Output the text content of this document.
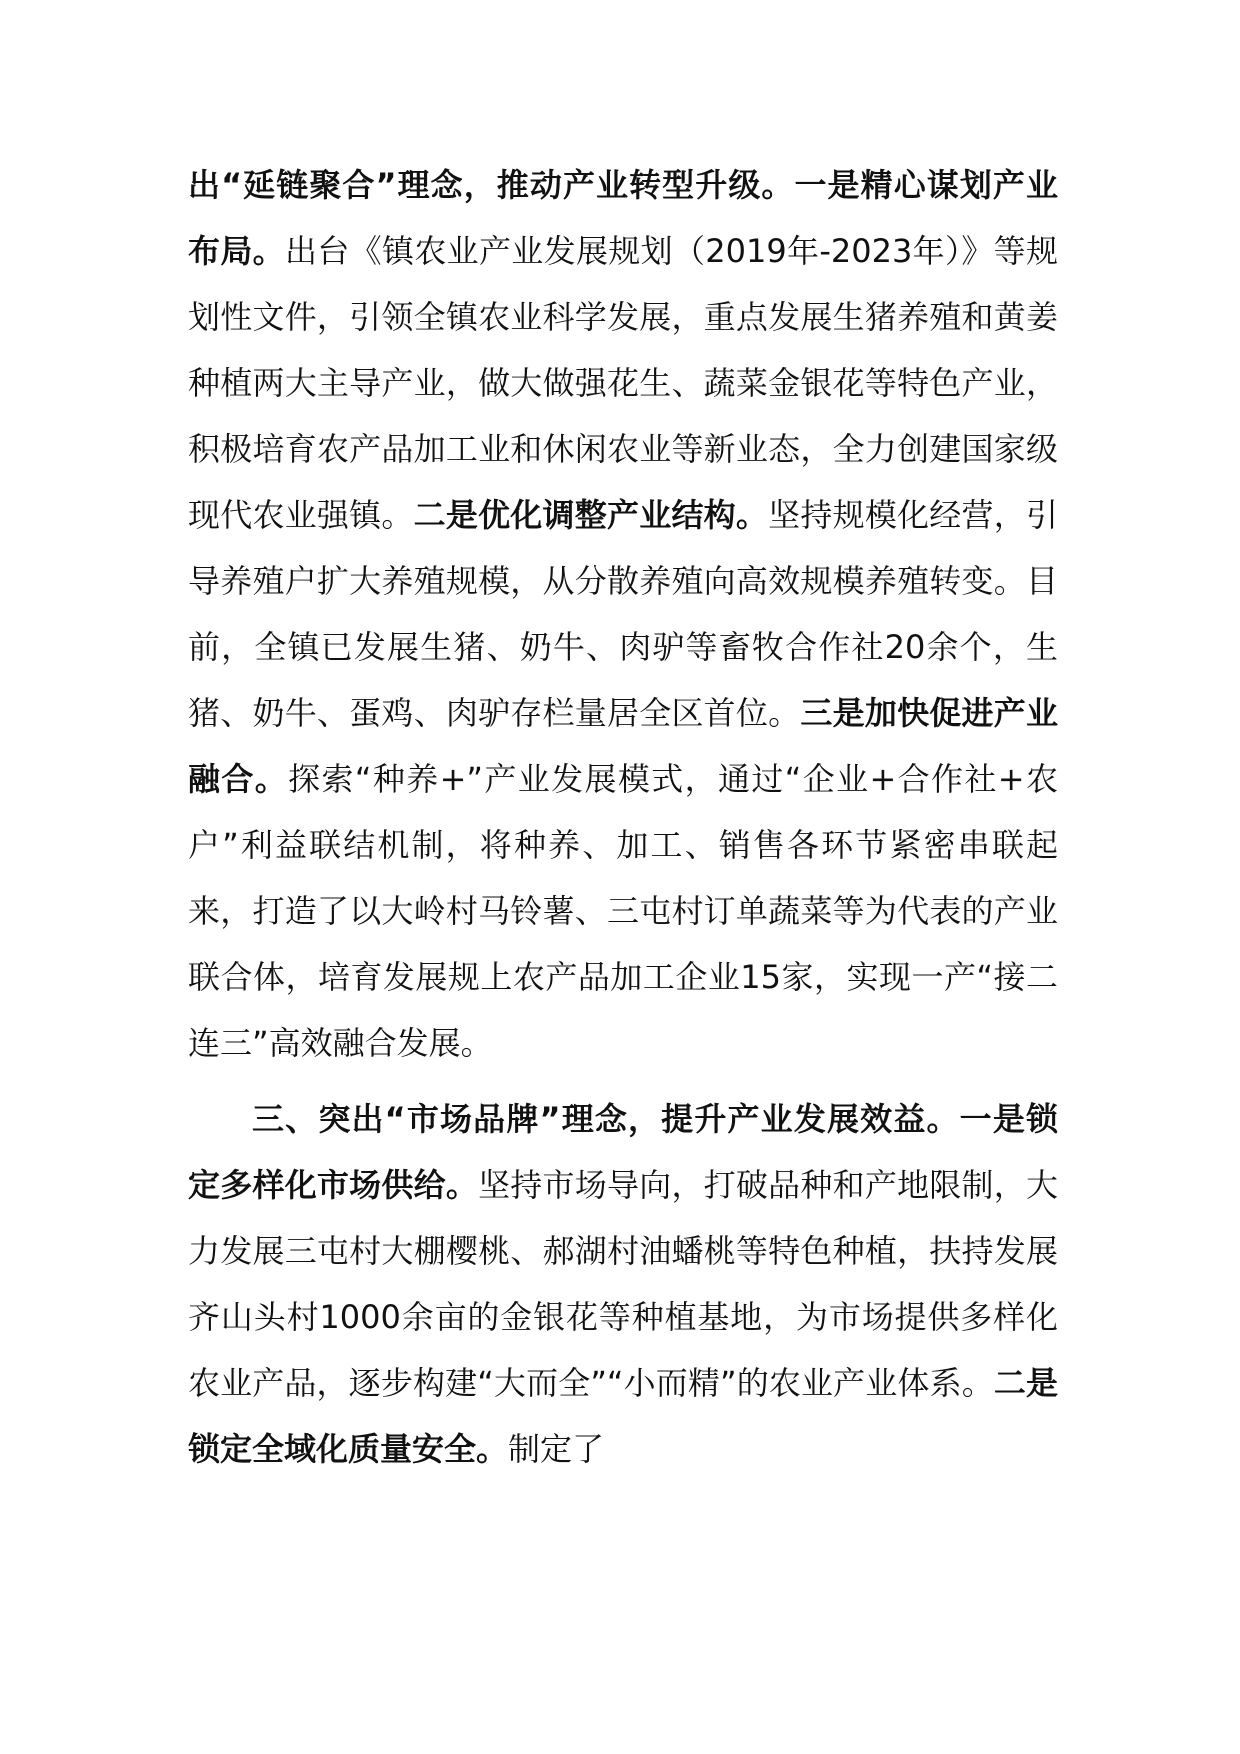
出“延链聚合”理念，推动产业转型升级。一是精心谋划产业布局。出台《镇农业产业发展规划（2019年-2023年）》等规划性文件，引领全镇农业科学发展，重点发展生猪养殖和黄姜种植两大主导产业，做大做强花生、蔬菜金银花等特色产业，积极培育农产品加工业和休闲农业等新业态，全力创建国家级现代农业强镇。二是优化调整产业结构。坚持规模化经营，引导养殖户扩大养殖规模，从分散养殖向高效规模养殖转变。目前，全镇已发展生猪、奶牛、肉驴等畜牧合作社20余个，生猪、奶牛、蛋鸡、肉驴存栏量居全区首位。三是加快促进产业融合。探索“种养+”产业发展模式，通过“企业+合作社+农户”利益联结机制，将种养、加工、销售各环节紧密串联起来，打造了以大岭村马铃薯、三屯村订单蔬菜等为代表的产业联合体，培育发展规上农产品加工企业15家，实现一产“接二连三”高效融合发展。

三、突出“市场品牌”理念，提升产业发展效益。一是锁定多样化市场供给。坚持市场导向，打破品种和产地限制，大力发展三屯村大棚樱桃、郝湖村油蟠桃等特色种植，扶持发展齐山头村1000余亩的金银花等种植基地，为市场提供多样化农业产品，逐步构建“大而全”“小而精”的农业产业体系。二是锁定全域化质量安全。制定了
